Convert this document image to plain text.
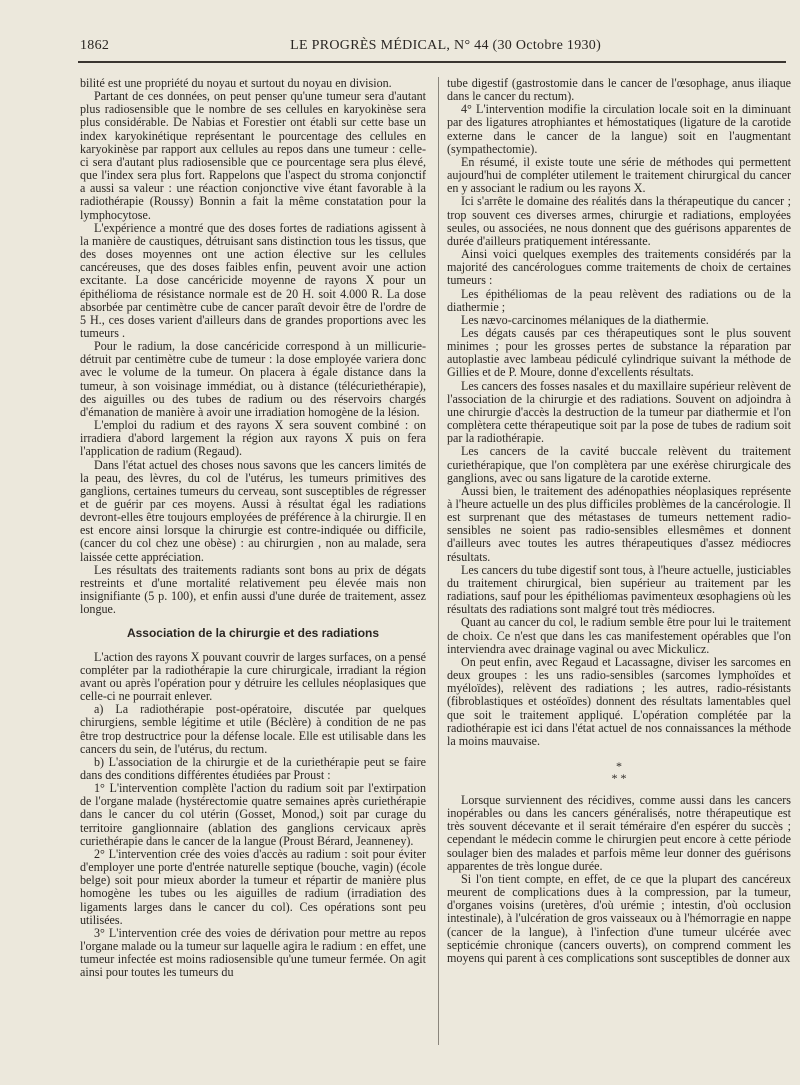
1862	LE PROGRÈS MÉDICAL, N° 44 (30 Octobre 1930)

bilité est une propriété du noyau et surtout du noyau en division.

Partant de ces données, on peut penser qu'une tumeur sera d'autant plus radiosensible que le nombre de ses cellules en karyokinèse sera plus considérable. De Nabias et Forestier ont établi sur cette base un index karyokinétique représentant le pourcentage des cellules en karyokinèse par rapport aux cellules au repos dans une tumeur : celle-ci sera d'autant plus radiosensible que ce pourcentage sera plus élevé, que l'index sera plus fort. Rappelons que l'aspect du stroma conjonctif a aussi sa valeur : une réaction conjonctive vive étant favorable à la radiothérapie (Roussy) Bonnin a fait la même constatation pour la lymphocytose.

L'expérience a montré que des doses fortes de radiations agissent à la manière de caustiques, détruisant sans distinction tous les tissus, que des doses moyennes ont une action élective sur les cellules cancéreuses, que des doses faibles enfin, peuvent avoir une action excitante. La dose cancéricide moyenne de rayons X pour un épithélioma de résistance normale est de 20 H. soit 4.000 R. La dose absorbée par centimètre cube de cancer paraît devoir être de l'ordre de 5 H., ces doses varient d'ailleurs dans de grandes proportions avec les tumeurs .

Pour le radium, la dose cancéricide correspond à un millicurie-détruit par centimètre cube de tumeur : la dose employée variera donc avec le volume de la tumeur. On placera à égale distance dans la tumeur, à son voisinage immédiat, ou à distance (télécuriethérapie), des aiguilles ou des tubes de radium ou des réservoirs chargés d'émanation de manière à avoir une irradiation homogène de la lésion.

L'emploi du radium et des rayons X sera souvent combiné : on irradiera d'abord largement la région aux rayons X puis on fera l'application de radium (Regaud).

Dans l'état actuel des choses nous savons que les cancers limités de la peau, des lèvres, du col de l'utérus, les tumeurs primitives des ganglions, certaines tumeurs du cerveau, sont susceptibles de régresser et de guérir par ces moyens. Aussi à résultat égal les radiations devront-elles être toujours employées de préférence à la chirurgie. Il en est encore ainsi lorsque la chirurgie est contre-indiquée ou difficile, (cancer du col chez une obèse) : au chirurgien , non au malade, sera laissée cette appréciation.

Les résultats des traitements radiants sont bons au prix de dégats restreints et d'une mortalité relativement peu élevée mais non insignifiante (5 p. 100), et enfin aussi d'une durée de traitement, assez longue.

Association de la chirurgie et des radiations

L'action des rayons X pouvant couvrir de larges surfaces, on a pensé compléter par la radiothérapie la cure chirurgicale, irradiant la région avant ou après l'opération pour y détruire les cellules néoplasiques que celle-ci ne pourrait enlever.

a) La radiothérapie post-opératoire, discutée par quelques chirurgiens, semble légitime et utile (Béclère) à condition de ne pas être trop destructrice pour la défense locale. Elle est utilisable dans les cancers du sein, de l'utérus, du rectum.

b) L'association de la chirurgie et de la curiethérapie peut se faire dans des conditions différentes étudiées par Proust :

1° L'intervention complète l'action du radium soit par l'extirpation de l'organe malade (hystérectomie quatre semaines après curiethérapie dans le cancer du col utérin (Gosset, Monod,) soit par curage du territoire ganglionnaire (ablation des ganglions cervicaux après curiethérapie dans le cancer de la langue (Proust Bérard, Jeanneney).

2° L'intervention crée des voies d'accès au radium : soit pour éviter d'employer une porte d'entrée naturelle septique (bouche, vagin) (école belge) soit pour mieux aborder la tumeur et répartir de manière plus homogène les tubes ou les aiguilles de radium (irradiation des ligaments larges dans le cancer du col). Ces opérations sont peu utilisées.

3° L'intervention crée des voies de dérivation pour mettre au repos l'organe malade ou la tumeur sur laquelle agira le radium : en effet, une tumeur infectée est moins radiosensible qu'une tumeur fermée. On agit ainsi pour toutes les tumeurs du

tube digestif (gastrostomie dans le cancer de l'œsophage, anus iliaque dans le cancer du rectum).

4° L'intervention modifie la circulation locale soit en la diminuant par des ligatures atrophiantes et hémostatiques (ligature de la carotide externe dans le cancer de la langue) soit en l'augmentant (sympathectomie).

En résumé, il existe toute une série de méthodes qui permettent aujourd'hui de compléter utilement le traitement chirurgical du cancer en y associant le radium ou les rayons X.

Ici s'arrête le domaine des réalités dans la thérapeutique du cancer ; trop souvent ces diverses armes, chirurgie et radiations, employées seules, ou associées, ne nous donnent que des guérisons apparentes de durée d'ailleurs pratiquement intéressante.

Ainsi voici quelques exemples des traitements considérés par la majorité des cancérologues comme traitements de choix de certaines tumeurs :

Les épithéliomas de la peau relèvent des radiations ou de la diathermie ;

Les nævo-carcinomes mélaniques de la diathermie.

Les dégats causés par ces thérapeutiques sont le plus souvent minimes ; pour les grosses pertes de substance la réparation par autoplastie avec lambeau pédiculé cylindrique suivant la méthode de Gillies et de P. Moure, donne d'excellents résultats.

Les cancers des fosses nasales et du maxillaire supérieur relèvent de l'association de la chirurgie et des radiations. Souvent on adjoindra à une chirurgie d'accès la destruction de la tumeur par diathermie et l'on complètera cette thérapeutique soit par la pose de tubes de radium soit par la radiothérapie.

Les cancers de la cavité buccale relèvent du traitement curiethérapique, que l'on complètera par une exérèse chirurgicale des ganglions, avec ou sans ligature de la carotide externe.

Aussi bien, le traitement des adénopathies néoplasiques représente à l'heure actuelle un des plus difficiles problèmes de la cancérologie. Il est surprenant que des métastases de tumeurs nettement radio-sensibles ne soient pas radio-sensibles ellesmêmes et donnent d'ailleurs avec toutes les autres thérapeutiques d'assez médiocres résultats.

Les cancers du tube digestif sont tous, à l'heure actuelle, justiciables du traitement chirurgical, bien supérieur au traitement par les radiations, sauf pour les épithéliomas pavimenteux œsophagiens où les résultats des radiations sont malgré tout très médiocres.

Quant au cancer du col, le radium semble être pour lui le traitement de choix. Ce n'est que dans les cas manifestement opérables que l'on interviendra avec drainage vaginal ou avec Mickulicz.

On peut enfin, avec Regaud et Lacassagne, diviser les sarcomes en deux groupes : les uns radio-sensibles (sarcomes lymphoïdes et myéloïdes), relèvent des radiations ; les autres, radio-résistants (fibroblastiques et ostéoïdes) donnent des résultats lamentables quel que soit le traitement appliqué. L'opération complétée par la radiothérapie est ici dans l'état actuel de nos connaissances la méthode la moins mauvaise.

*
* *

Lorsque surviennent des récidives, comme aussi dans les cancers inopérables ou dans les cancers généralisés, notre thérapeutique est très souvent décevante et il serait téméraire d'en espérer du succès ; cependant le médecin comme le chirurgien peut encore à cette période soulager bien des malades et parfois même leur donner des guérisons apparentes de très longue durée.

Si l'on tient compte, en effet, de ce que la plupart des cancéreux meurent de complications dues à la compression, par la tumeur, d'organes voisins (uretères, d'où urémie ; intestin, d'où occlusion intestinale), à l'ulcération de gros vaisseaux ou à l'hémorragie en nappe (cancer de la langue), à l'infection d'une tumeur ulcérée avec septicémie chronique (cancers ouverts), on comprend comment les moyens qui parent à ces complications sont susceptibles de donner aux
